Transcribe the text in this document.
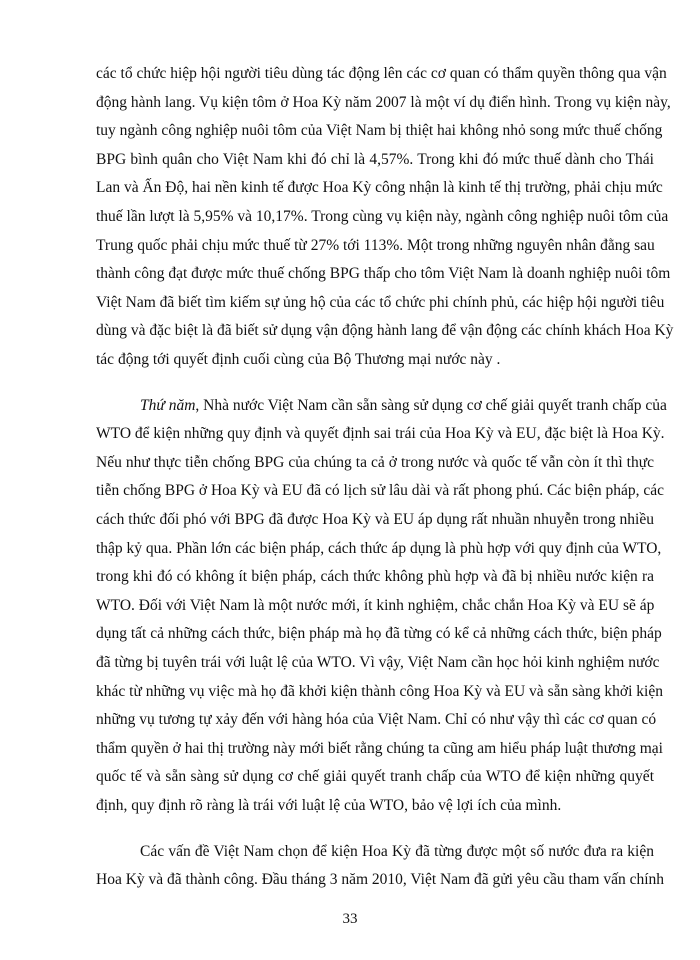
các tổ chức hiệp hội người tiêu dùng tác động lên các cơ quan có thẩm quyền thông qua vận
động hành lang. Vụ kiện tôm ở Hoa Kỳ năm 2007 là một ví dụ điển hình. Trong vụ kiện này,
tuy ngành công nghiệp nuôi tôm của Việt Nam bị thiệt hai không nhỏ song mức thuế chống
BPG bình quân cho Việt Nam khi đó chỉ là 4,57%. Trong khi đó mức thuế dành cho Thái
Lan và Ấn Độ, hai nền kinh tế được Hoa Kỳ công nhận là kinh tế thị trường, phải chịu mức
thuế lần lượt là 5,95% và 10,17%. Trong cùng vụ kiện này, ngành công nghiệp nuôi tôm của
Trung quốc phải chịu mức thuế từ 27% tới 113%. Một trong những nguyên nhân đằng sau
thành công đạt được mức thuế chống BPG thấp cho tôm Việt Nam là doanh nghiệp nuôi tôm
Việt Nam đã biết tìm kiếm sự ủng hộ của các tổ chức phi chính phủ, các hiệp hội người tiêu
dùng và đặc biệt là đã biết sử dụng vận động hành lang để vận động các chính khách Hoa Kỳ
tác động tới quyết định cuối cùng của Bộ Thương mại nước này .
Thứ năm, Nhà nước Việt Nam cần sẵn sàng sử dụng cơ chế giải quyết tranh chấp của
WTO để kiện những quy định và quyết định sai trái của Hoa Kỳ và EU, đặc biệt là Hoa Kỳ.
Nếu như thực tiễn chống BPG của chúng ta cả ở trong nước và quốc tế vẫn còn ít thì thực
tiễn chống BPG ở Hoa Kỳ và EU đã có lịch sử lâu dài và rất phong phú. Các biện pháp, các
cách thức đối phó với BPG đã được Hoa Kỳ và EU áp dụng rất nhuần nhuyễn trong nhiều
thập kỷ qua. Phần lớn các biện pháp, cách thức áp dụng là phù hợp với quy định của WTO,
trong khi đó có không ít biện pháp, cách thức không phù hợp và đã bị nhiều nước kiện ra
WTO. Đối với Việt Nam là một nước mới, ít kinh nghiệm, chắc chắn Hoa Kỳ và EU sẽ áp
dụng tất cả những cách thức, biện pháp mà họ đã từng có kể cả những cách thức, biện pháp
đã từng bị tuyên trái với luật lệ của WTO. Vì vậy, Việt Nam cần học hỏi kinh nghiệm nước
khác từ những vụ việc mà họ đã khởi kiện thành công Hoa Kỳ và EU và sẵn sàng khởi kiện
những vụ tương tự xảy đến với hàng hóa của Việt Nam. Chỉ có như vậy thì các cơ quan có
thẩm quyền ở hai thị trường này mới biết rằng chúng ta cũng am hiểu pháp luật thương mại
quốc tế và sẵn sàng sử dụng cơ chế giải quyết tranh chấp của WTO để kiện những quyết
định, quy định rõ ràng là trái với luật lệ của WTO, bảo vệ lợi ích của mình.
Các vấn đề Việt Nam chọn để kiện Hoa Kỳ đã từng được một số nước đưa ra kiện
Hoa Kỳ và đã thành công. Đầu tháng 3 năm 2010, Việt Nam đã gửi yêu cầu tham vấn chính
33
